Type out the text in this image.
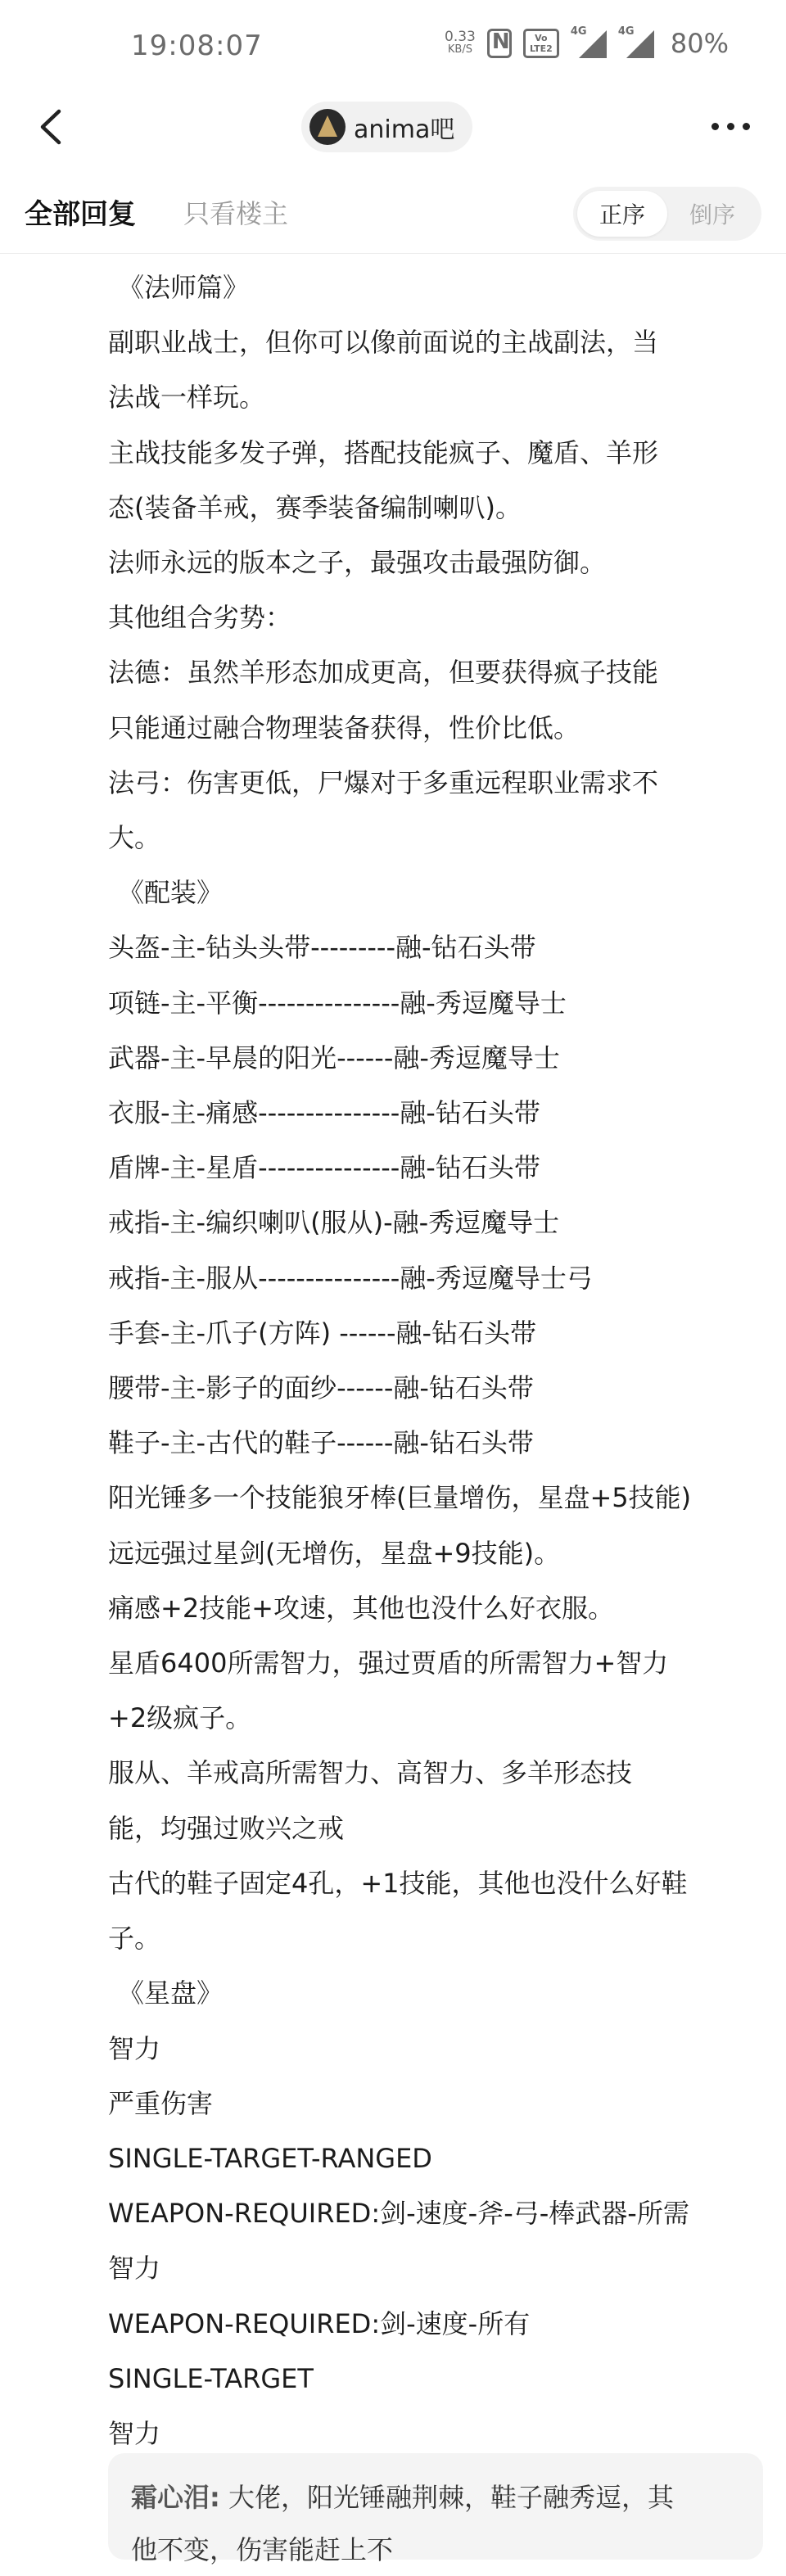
19:08:07	0.33
KB/S
N
Vo
LTE2
4G	4G 80%
anima吧
全部回复 只看楼主	正序	倒序
《法师篇》
副职业战士，但你可以像前面说的主战副法，当
法战一样玩。
主战技能多发子弹，搭配技能疯子、魔盾、羊形
态(装备羊戒，赛季装备编制喇叭)。
法师永远的版本之子，最强攻击最强防御。
其他组合劣势：
法德：虽然羊形态加成更高，但要获得疯子技能
只能通过融合物理装备获得，性价比低。
法弓：伤害更低，尸爆对于多重远程职业需求不
大。
《配装》
头盔-主-钻头头带---------融-钻石头带
项链-主-平衡---------------融-秀逗魔导士
武器-主-早晨的阳光------融-秀逗魔导士
衣服-主-痛感---------------融-钻石头带
盾牌-主-星盾---------------融-钻石头带
戒指-主-编织喇叭(服从)-融-秀逗魔导士
戒指-主-服从---------------融-秀逗魔导士弓
手套-主-爪子(方阵) ------融-钻石头带
腰带-主-影子的面纱------融-钻石头带
鞋子-主-古代的鞋子------融-钻石头带
阳光锤多一个技能狼牙棒(巨量增伤，星盘+5技能)
远远强过星剑(无增伤，星盘+9技能)。
痛感+2技能+攻速，其他也没什么好衣服。
星盾6400所需智力，强过贾盾的所需智力+智力
+2级疯子。
服从、羊戒高所需智力、高智力、多羊形态技
能，均强过败兴之戒
古代的鞋子固定4孔，+1技能，其他也没什么好鞋
子。
《星盘》
智力
严重伤害
SINGLE-TARGET-RANGED
WEAPON-REQUIRED:剑-速度-斧-弓-棒武器-所需
智力
WEAPON-REQUIRED:剑-速度-所有
SINGLE-TARGET
智力
霜心泪: 大佬，阳光锤融荆棘，鞋子融秀逗，其
他不变，伤害能赶上不
